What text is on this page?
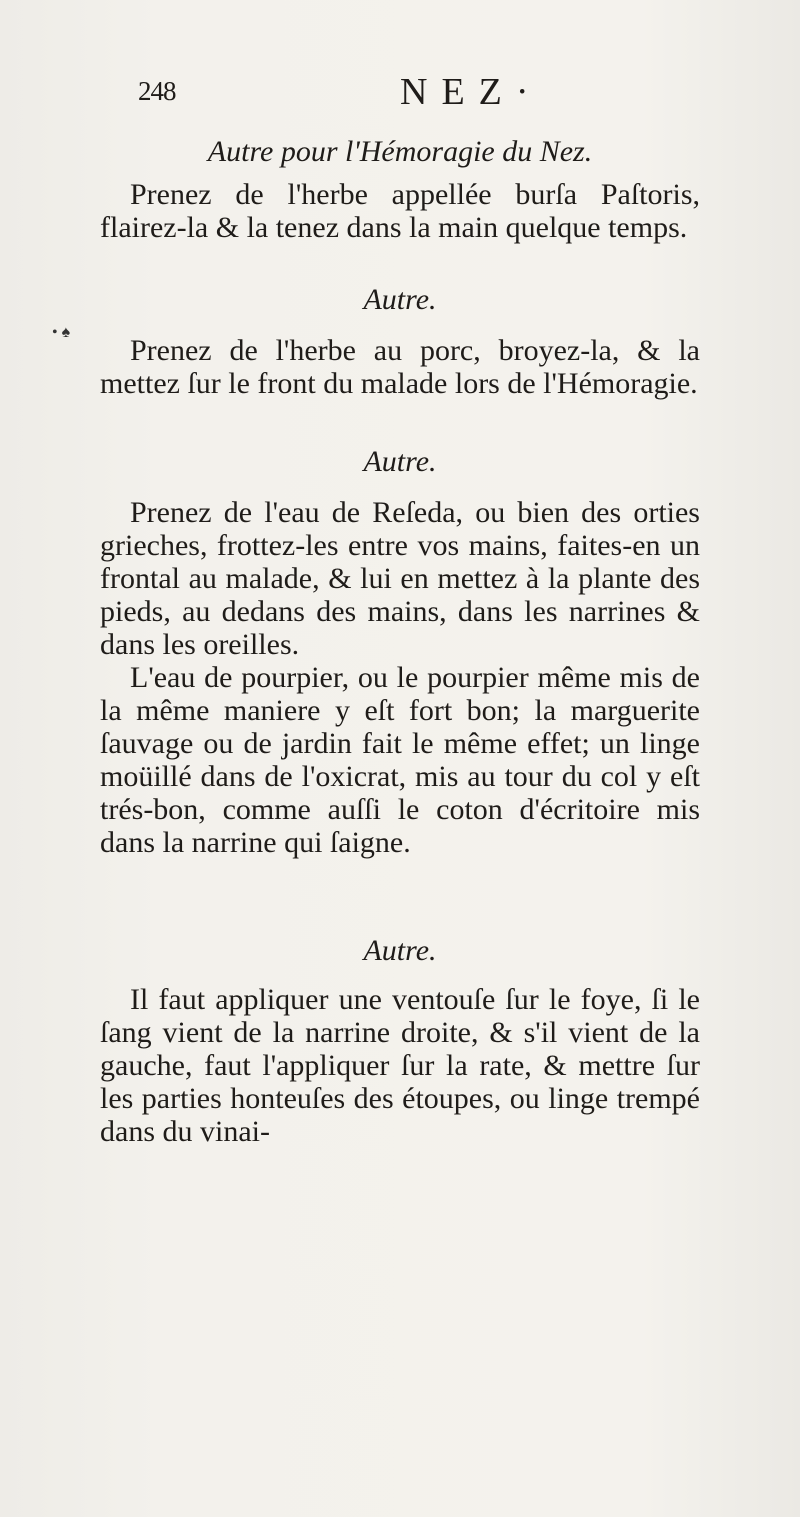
248	NEZ·
• ♠

Autre pour l'Hémoragie du Nez.

Prenez de l'herbe appellée burſa Paſtoris, flairez-la & la tenez dans la main quelque temps.

Autre.

Prenez de l'herbe au porc, broyez-la, & la mettez ſur le front du malade lors de l'Hémoragie.

Autre.

Prenez de l'eau de Reſeda, ou bien des orties grieches, frottez-les entre vos mains, faites-en un frontal au malade, & lui en mettez à la plante des pieds, au dedans des mains, dans les narrines & dans les oreilles.

L'eau de pourpier, ou le pourpier même mis de la même maniere y eſt fort bon; la marguerite ſauvage ou de jardin fait le même effet; un linge moüillé dans de l'oxicrat, mis au tour du col y eſt trés-bon, comme auſſi le coton d'écritoire mis dans la narrine qui ſaigne.

Autre.

Il faut appliquer une ventouſe ſur le foye, ſi le ſang vient de la narrine droite, & s'il vient de la gauche, faut l'appliquer ſur la rate, & mettre ſur les parties honteuſes des étoupes, ou linge trempé dans du vinai-
